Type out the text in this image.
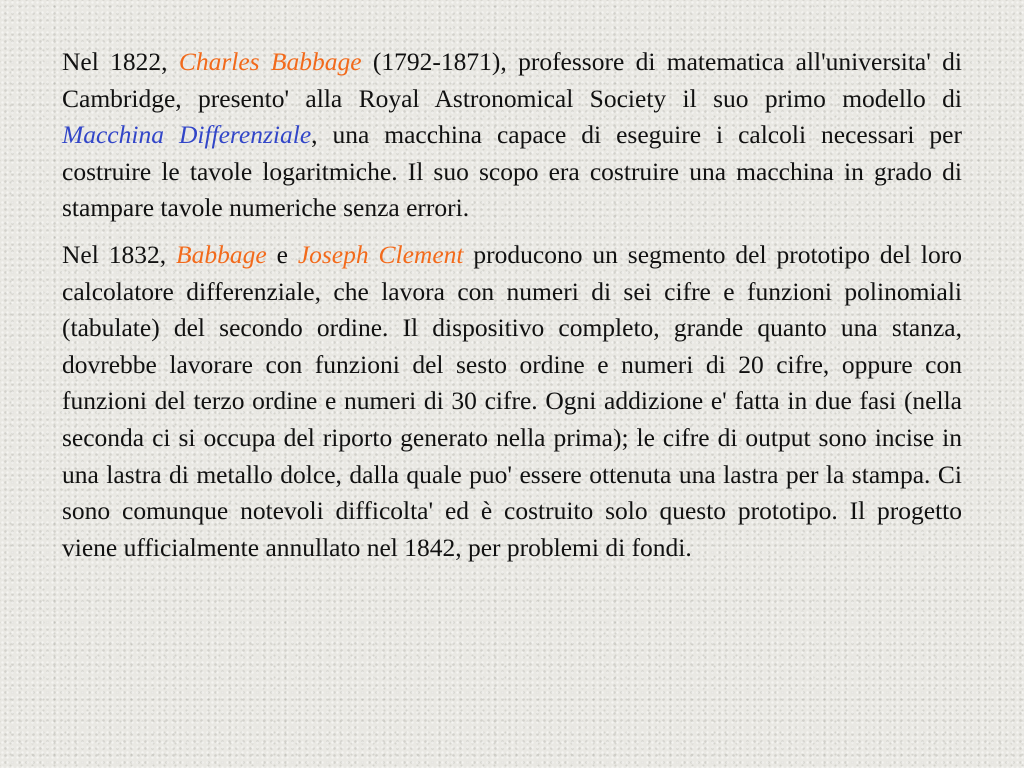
Nel 1822, Charles Babbage (1792-1871), professore di matematica all'universita' di Cambridge, presento' alla Royal Astronomical Society il suo primo modello di Macchina Differenziale, una macchina capace di eseguire i calcoli necessari per costruire le tavole logaritmiche. Il suo scopo era costruire una macchina in grado di stampare tavole numeriche senza errori.

Nel 1832, Babbage e Joseph Clement producono un segmento del prototipo del loro calcolatore differenziale, che lavora con numeri di sei cifre e funzioni polinomiali (tabulate) del secondo ordine. Il dispositivo completo, grande quanto una stanza, dovrebbe lavorare con funzioni del sesto ordine e numeri di 20 cifre, oppure con funzioni del terzo ordine e numeri di 30 cifre. Ogni addizione e' fatta in due fasi (nella seconda ci si occupa del riporto generato nella prima); le cifre di output sono incise in una lastra di metallo dolce, dalla quale puo' essere ottenuta una lastra per la stampa. Ci sono comunque notevoli difficolta' ed è costruito solo questo prototipo. Il progetto viene ufficialmente annullato nel 1842, per problemi di fondi.
